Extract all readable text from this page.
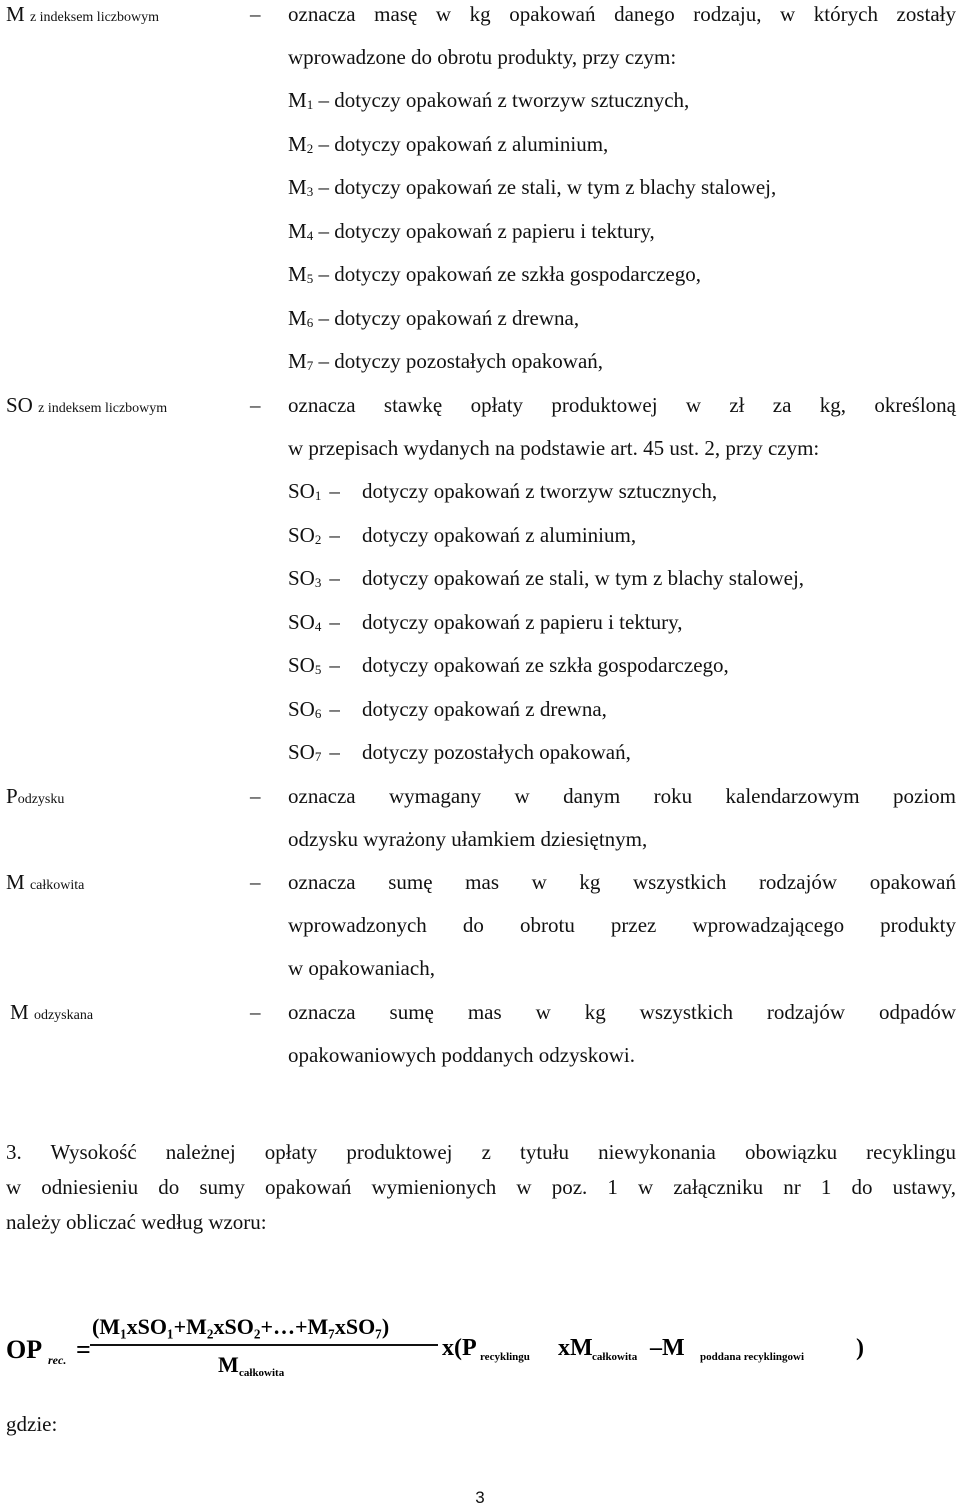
M z indeksem liczbowym	– oznacza masę w kg opakowań danego rodzaju, w których zostały
wprowadzone do obrotu produkty, przy czym:
$M_1$ – dotyczy opakowań z tworzyw sztucznych,
$M_2$ – dotyczy opakowań z aluminium,
$M_3$ – dotyczy opakowań ze stali, w tym z blachy stalowej,
$M_4$ – dotyczy opakowań z papieru i tektury,
$M_5$ – dotyczy opakowań ze szkła gospodarczego,
$M_6$ – dotyczy opakowań z drewna,
$M_7$ – dotyczy pozostałych opakowań,
SO z indeksem liczbowym	– oznacza stawkę opłaty produktowej w zł za kg, określoną
w przepisach wydanych na podstawie art. 45 ust. 2, przy czym:
$SO_1$ – dotyczy opakowań z tworzyw sztucznych,
$SO_2$ – dotyczy opakowań z aluminium,
$SO_3$ – dotyczy opakowań ze stali, w tym z blachy stalowej,
$SO_4$ – dotyczy opakowań z papieru i tektury,
$SO_5$ – dotyczy opakowań ze szkła gospodarczego,
$SO_6$ – dotyczy opakowań z drewna,
$SO_7$ – dotyczy pozostałych opakowań,
Podzysku	– oznacza wymagany w danym roku kalendarzowym poziom
odzysku wyrażony ułamkiem dziesiętnym,
M całkowita	– oznacza sumę mas w kg wszystkich rodzajów opakowań
wprowadzonych do obrotu przez wprowadzającego produkty
w opakowaniach,
M odzyskana	– oznacza sumę mas w kg wszystkich rodzajów odpadów
opakowaniowych poddanych odzyskowi.
3. Wysokość należnej opłaty produktowej z tytułu niewykonania obowiązku recyklingu
w odniesieniu do sumy opakowań wymienionych w poz. 1 w załączniku nr 1 do ustawy,
należy obliczać według wzoru:
OP rec. =
(M₁xSO₁+M₂xSO₂+…+M₇xSO₇)
M całkowita
x(P recyklingu xM całkowita –M poddana recyklingowi )
gdzie:
3
